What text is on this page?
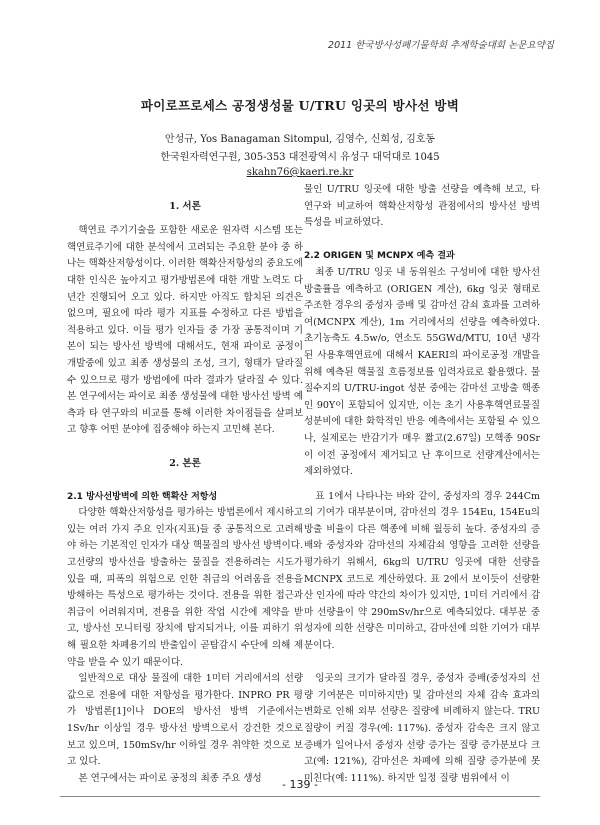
2011 한국방사성폐기물학회 추계학술대회 논문요약집
파이로프로세스 공정생성물 U/TRU 잉곳의 방사선 방벽
안성규, Yos Banagaman Sitompul, 김영수, 신희성, 김호동
한국원자력연구원, 305-353 대전광역시 유성구 대덕대로 1045
skahn76@kaeri.re.kr
1. 서론

핵연료 주기기술을 포함한 새로운 원자력 시스템 또는 핵연료주기에 대한 분석에서 고려되는 주요한 분야 중 하나는 핵확산저항성이다. 이러한 핵확산저항성의 중요도에 대한 인식은 높아지고 평가방법론에 대한 개발 노력도 다년간 진행되어 오고 있다. 하지만 아직도 합치된 의견은 없으며, 필요에 따라 평가 지표를 수정하고 다른 방법을 적용하고 있다. 이들 평가 인자들 중 가장 공통적이며 기본이 되는 방사선 방벽에 대해서도, 현재 파이로 공정이 개발중에 있고 최종 생성물의 조성, 크기, 형태가 달라질 수 있으므로 평가 방법에에 따라 결과가 달라질 수 있다. 본 연구에서는 파이로 최종 생성물에 대한 방사선 방벽 예측과 타 연구와의 비교를 통해 이러한 차이점들을 살펴보고 향후 어떤 분야에 집중해야 하는지 고민해 본다.

2. 본론
2.1 방사선방벽에 의한 핵확산 저항성

다양한 핵확산저항성을 평가하는 방법론에서 제시하고 있는 여러 가지 주요 인자(지표)들 중 공통적으로 고려해야 하는 기본적인 인자가 대상 핵물질의 방사선 방벽이다. 고선량의 방사선을 방출하는 물질을 전용하려는 시도가 있을 때, 피폭의 위험으로 인한 취급의 어려움을 전용을 방해하는 특성으로 평가하는 것이다. 전용을 위한 접근과 취급이 어려워지며, 전용을 위한 작업 시간에 제약을 받고, 방사선 모니터링 장치에 탐지되거나, 이를 피하기 위해 필요한 차폐용기의 반출입이 곧탐감시 수단에 의해 제약을 받을 수 있기 때문이다.

일반적으로 대상 물질에 대한 1미터 거리에서의 선량값으로 전용에 대한 저항성을 평가한다. INPRO PR 평가 방법론[1]이나 DOE의 방사선 방벽 기준에서는 1Sv/hr 이상일 경우 방사선 방벽으로서 강건한 것으로 보고 있으며, 150mSv/hr 이하일 경우 취약한 것으로 보고 있다.

본 연구에서는 파이로 공정의 최종 주요 생성

물인 U/TRU 잉곳에 대한 방출 선량을 예측해 보고, 타 연구와 비교하여 핵확산저항성 관점에서의 방사선 방벽 특성을 비교하였다.

2.2 ORIGEN 및 MCNPX 예측 결과

최종 U/TRU 잉곳 내 동위원소 구성비에 대한 방사선 방출률을 예측하고 (ORIGEN 계산), 6kg 잉곳 형태로 주조한 경우의 중성자 증배 및 감마선 감쇠 효과를 고려하여(MCNPX 계산), 1m 거리에서의 선량을 예측하였다. 초기농축도 4.5w/o, 연소도 55GWd/MTU, 10년 냉각된 사용후핵연료에 대해서 KAERI의 파이로공정 개발을 위해 예측된 핵물질 흐름정보를 입력자료로 활용했다. 물질수지의 U/TRU-ingot 성분 중에는 감마선 고방출 핵종인 90Y이 포함되어 있지만, 이는 초기 사용후핵연료물질 성분비에 대한 화학적인 반응 예측에서는 포함될 수 있으나, 실제로는 반감기가 매우 짧고(2.67일) 모핵종 90Sr이 이전 공정에서 제거되고 난 후이므로 선량계산에서는 제외하였다.

표 1에서 나타나는 바와 같이, 중성자의 경우 244Cm의 기여가 대부분이며, 감마선의 경우 154Eu, 154Eu의 방출 비율이 다른 핵종에 비해 월등히 높다. 중성자의 증배와 중성자와 감마선의 자체감쇠 영향을 고려한 선량을 평가하기 위해서, 6kg의 U/TRU 잉곳에 대한 선량을 MCNPX 코드로 계산하였다. 표 2에서 보이듯이 선량환산 인자에 따라 약간의 차이가 있지만, 1미터 거리에서 감마 선량율이 약 290mSv/hr으로 예측되었다. 대부분 중성자에 의한 선량은 미미하고, 감마선에 의한 기여가 대부분이다.

잉곳의 크기가 달라질 경우, 중성자 증배(중성자의 선량 기여분은 미미하지만) 및 감마선의 자체 감속 효과의 변화로 인해 외부 선량은 질량에 비례하지 않는다. TRU 질량이 커질 경우(예: 117%). 중성자 감속은 크지 않고 증배가 일어나서 중성자 선량 증가는 질량 증가분보다 크고(예: 121%), 감마선은 차폐에 의해 질량 증가분에 못 미친다(예: 111%). 하지만 일정 질량 범위에서 이

- 139 -
